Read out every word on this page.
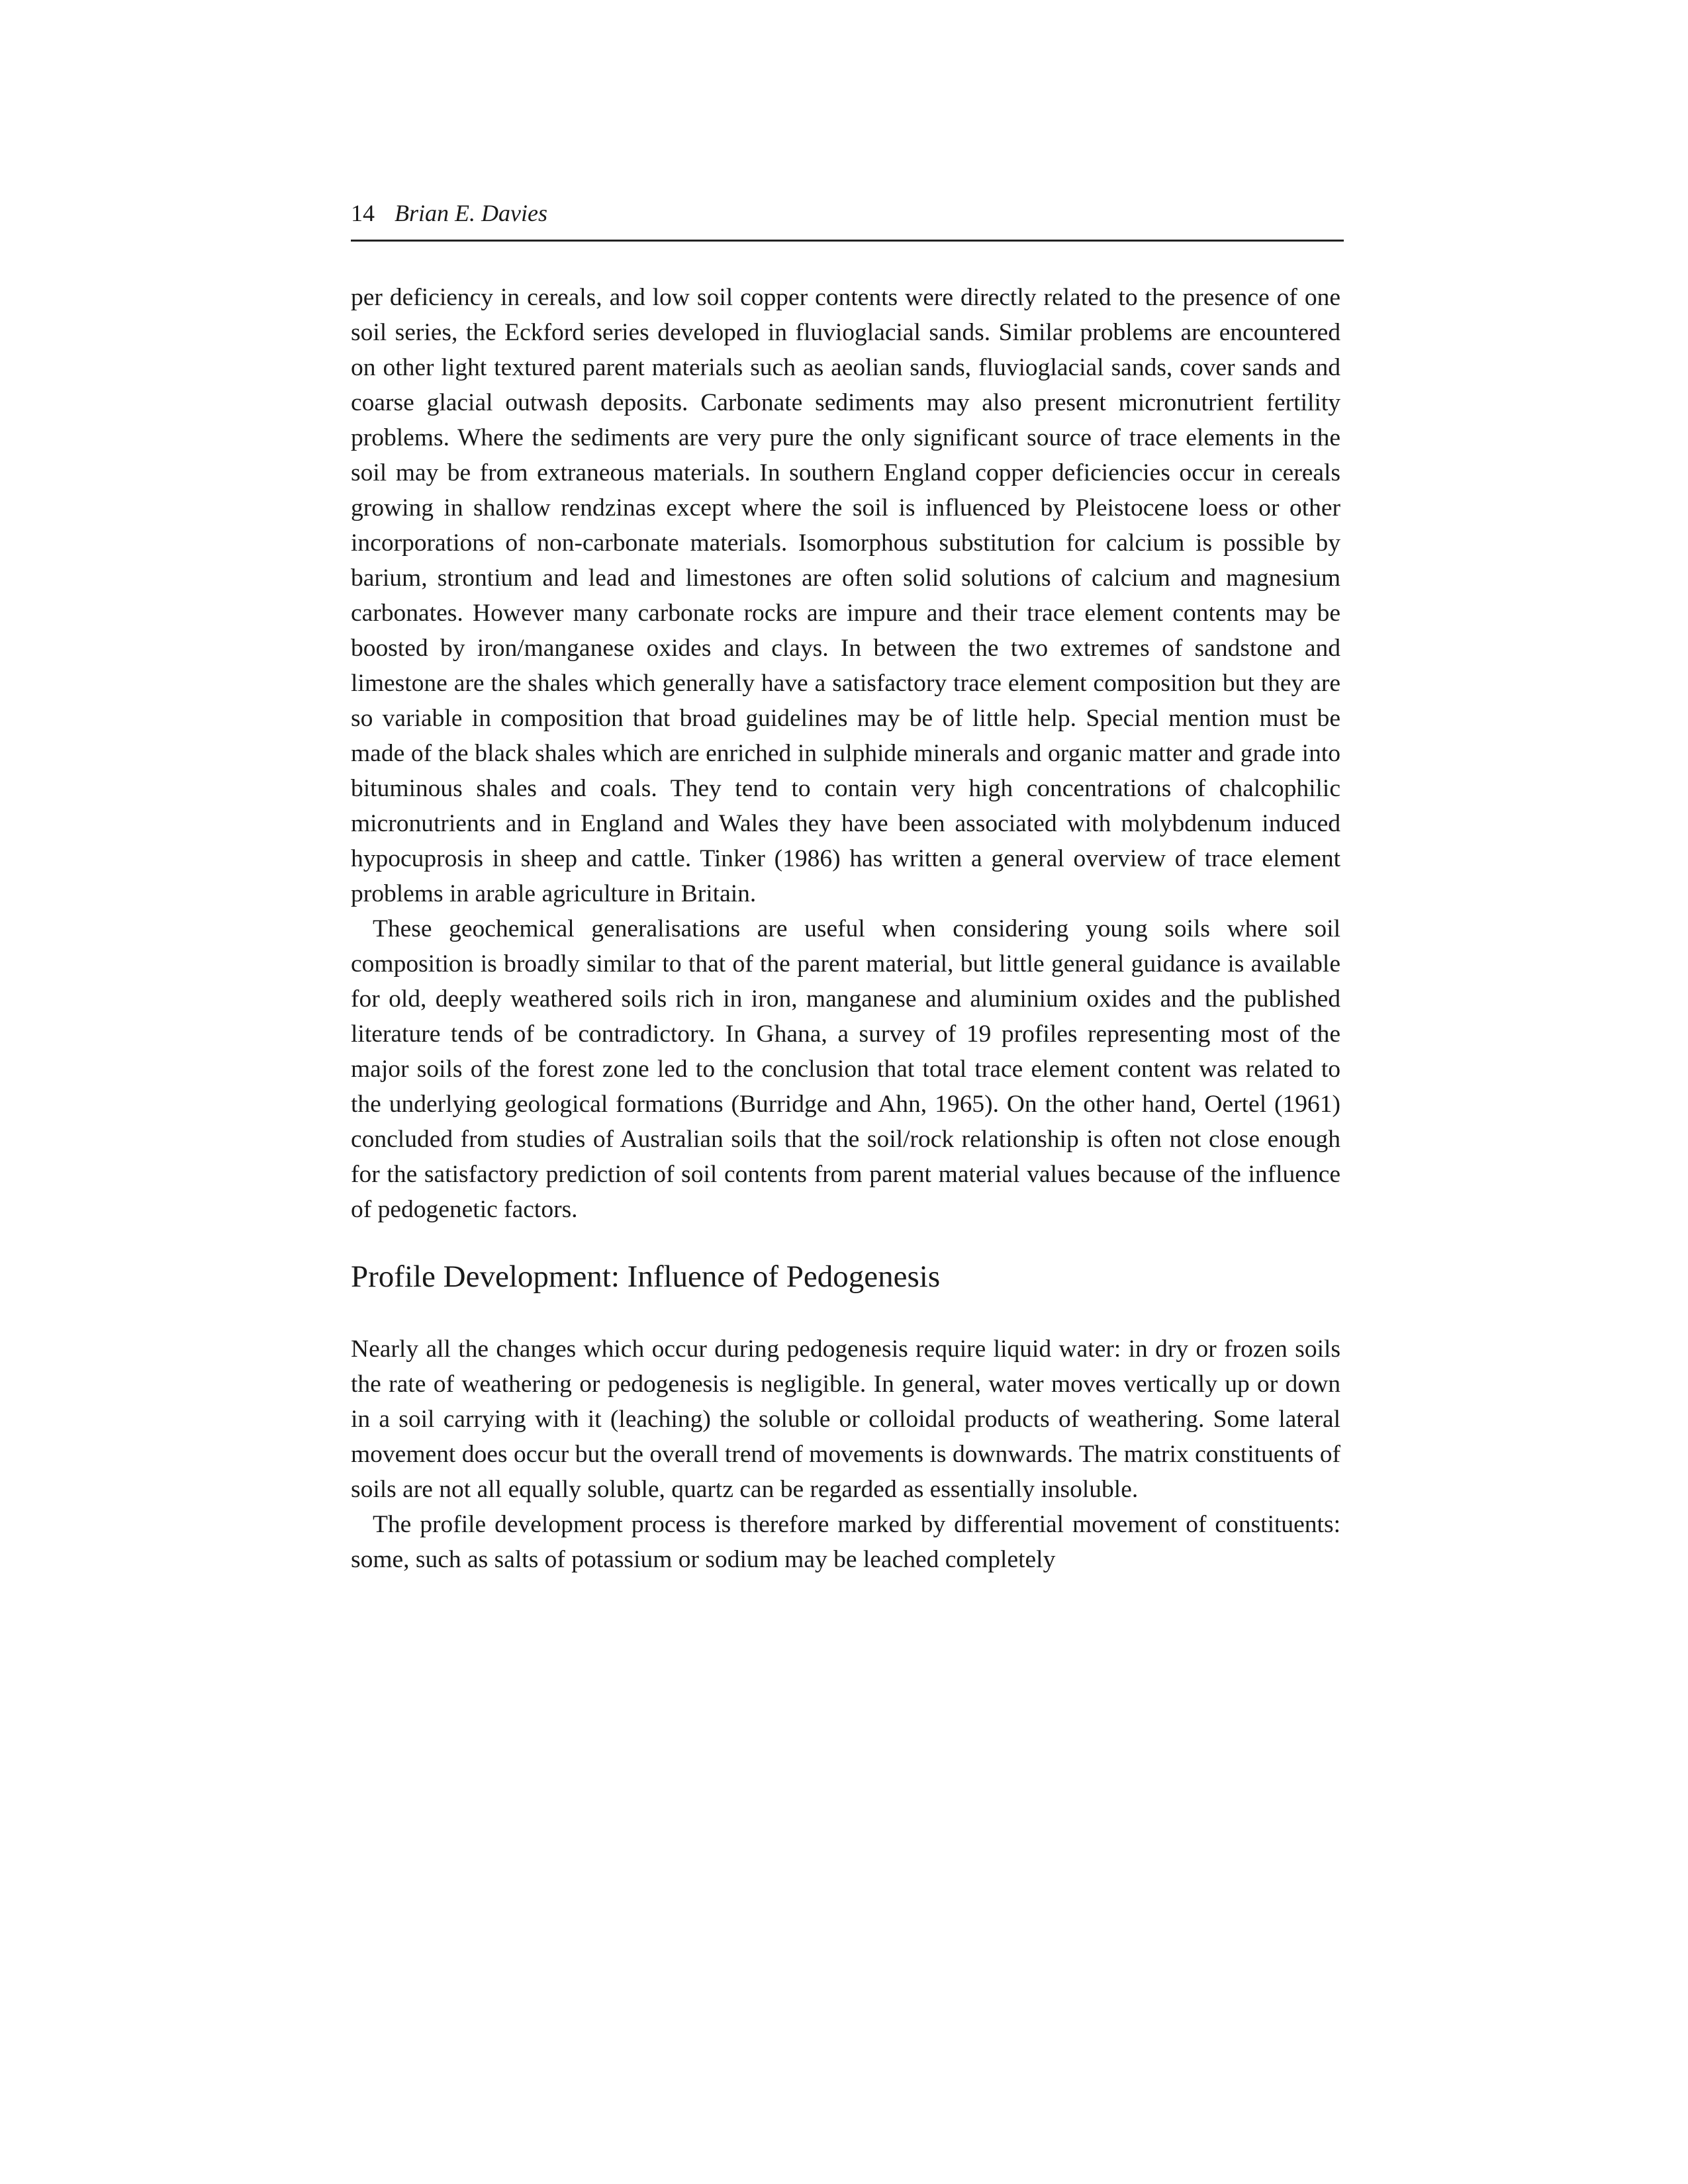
14 Brian E. Davies

per deficiency in cereals, and low soil copper contents were directly related to the presence of one soil series, the Eckford series developed in fluvioglacial sands. Similar problems are encountered on other light textured parent materials such as aeolian sands, fluvioglacial sands, cover sands and coarse glacial outwash deposits. Carbonate sediments may also present micronutrient fertility problems. Where the sediments are very pure the only significant source of trace elements in the soil may be from extraneous materials. In southern England copper deficiencies occur in cereals growing in shallow rendzinas except where the soil is influenced by Pleistocene loess or other incorporations of non-carbonate materials. Isomorphous substitution for calcium is possible by barium, strontium and lead and limestones are often solid solutions of calcium and magnesium carbonates. However many carbonate rocks are impure and their trace element contents may be boosted by iron/manganese oxides and clays. In between the two extremes of sandstone and limestone are the shales which generally have a satisfactory trace element composition but they are so variable in composition that broad guidelines may be of little help. Special mention must be made of the black shales which are enriched in sulphide minerals and organic matter and grade into bituminous shales and coals. They tend to contain very high concentrations of chalcophilic micronutrients and in England and Wales they have been associated with molybdenum induced hypocuprosis in sheep and cattle. Tinker (1986) has written a general overview of trace element problems in arable agriculture in Britain.

These geochemical generalisations are useful when considering young soils where soil composition is broadly similar to that of the parent material, but little general guidance is available for old, deeply weathered soils rich in iron, manganese and aluminium oxides and the published literature tends of be contradictory. In Ghana, a survey of 19 profiles representing most of the major soils of the forest zone led to the conclusion that total trace element content was related to the underlying geological formations (Burridge and Ahn, 1965). On the other hand, Oertel (1961) concluded from studies of Australian soils that the soil/rock relationship is often not close enough for the satisfactory prediction of soil contents from parent material values because of the influence of pedogenetic factors.

Profile Development: Influence of Pedogenesis

Nearly all the changes which occur during pedogenesis require liquid water: in dry or frozen soils the rate of weathering or pedogenesis is negligible. In general, water moves vertically up or down in a soil carrying with it (leaching) the soluble or colloidal products of weathering. Some lateral movement does occur but the overall trend of movements is downwards. The matrix constituents of soils are not all equally soluble, quartz can be regarded as essentially insoluble.

The profile development process is therefore marked by differential movement of constituents: some, such as salts of potassium or sodium may be leached completely
